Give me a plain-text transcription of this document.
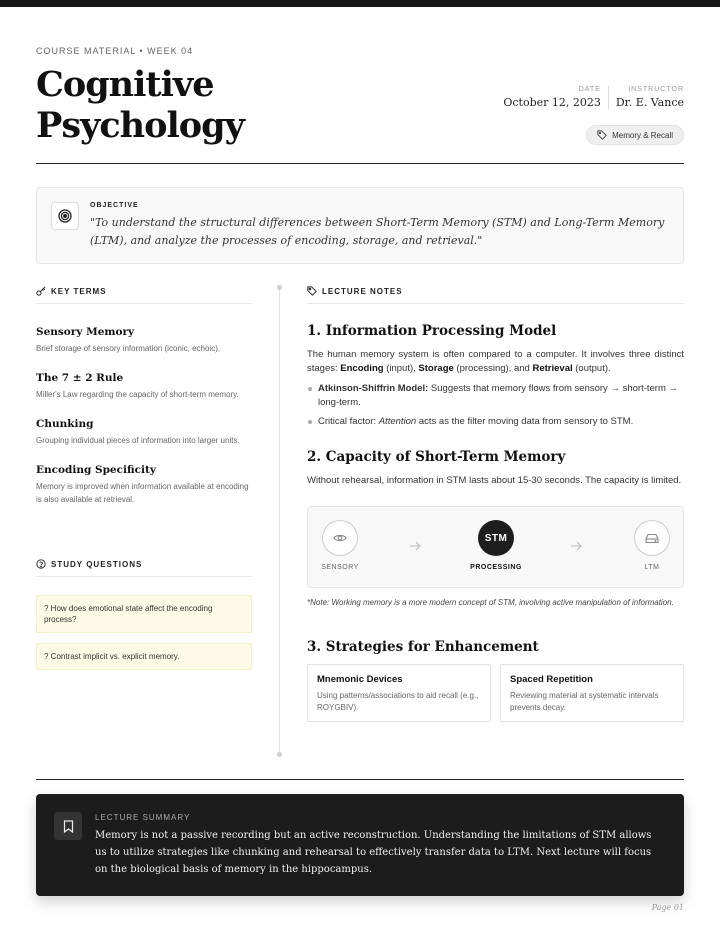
COURSE MATERIAL • WEEK 04
Cognitive
Psychology
DATE
October 12, 2023
INSTRUCTOR
Dr. E. Vance
Memory & Recall
OBJECTIVE
"To understand the structural differences between Short-Term Memory (STM) and Long-Term Memory (LTM), and analyze the processes of encoding, storage, and retrieval."
KEY TERMS
Sensory Memory
Brief storage of sensory information (iconic, echoic).
The 7 ± 2 Rule
Miller's Law regarding the capacity of short-term memory.
Chunking
Grouping individual pieces of information into larger units.
Encoding Specificity
Memory is improved when information available at encoding is also available at retrieval.
STUDY QUESTIONS
? How does emotional state affect the encoding process?
? Contrast implicit vs. explicit memory.
LECTURE NOTES
1. Information Processing Model

The human memory system is often compared to a computer. It involves three distinct stages: Encoding (input), Storage (processing), and Retrieval (output).

Atkinson-Shiffrin Model: Suggests that memory flows from sensory → short-term → long-term.
Critical factor: Attention acts as the filter moving data from sensory to STM.
2. Capacity of Short-Term Memory

Without rehearsal, information in STM lasts about 15-30 seconds. The capacity is limited.

SENSORY
STM
PROCESSING	LTM
*Note: Working memory is a more modern concept of STM, involving active manipulation of information.
3. Strategies for Enhancement
Mnemonic Devices
Using patterns/associations to aid recall (e.g., ROYGBIV).
Spaced Repetition
Reviewing material at systematic intervals prevents decay.
LECTURE SUMMARY
Memory is not a passive recording but an active reconstruction. Understanding the limitations of STM allows us to utilize strategies like chunking and rehearsal to effectively transfer data to LTM. Next lecture will focus on the biological basis of memory in the hippocampus.
Page 01
